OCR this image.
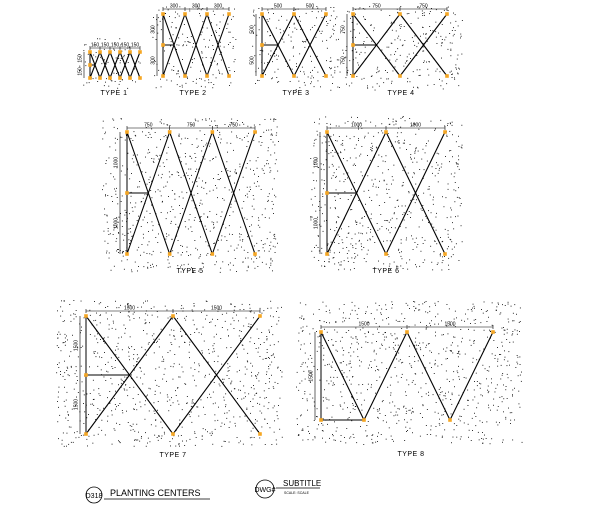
150 150 150 150 150
150
150
300	300	300
300
300
500	500
500
500
750	750
750
750
750	750	750
1000
1000
1000	1000
1000
1000
1500	1500
1500
1500
1500	1500
1500
TYPE 1	TYPE 2	TYPE 3	TYPE 4
TYPE 5	TYPE 6
TYPE 7	TYPE 8
D318 PLANTING CENTERS	DWG#
SUBTITLE
SCALE: SCALE
